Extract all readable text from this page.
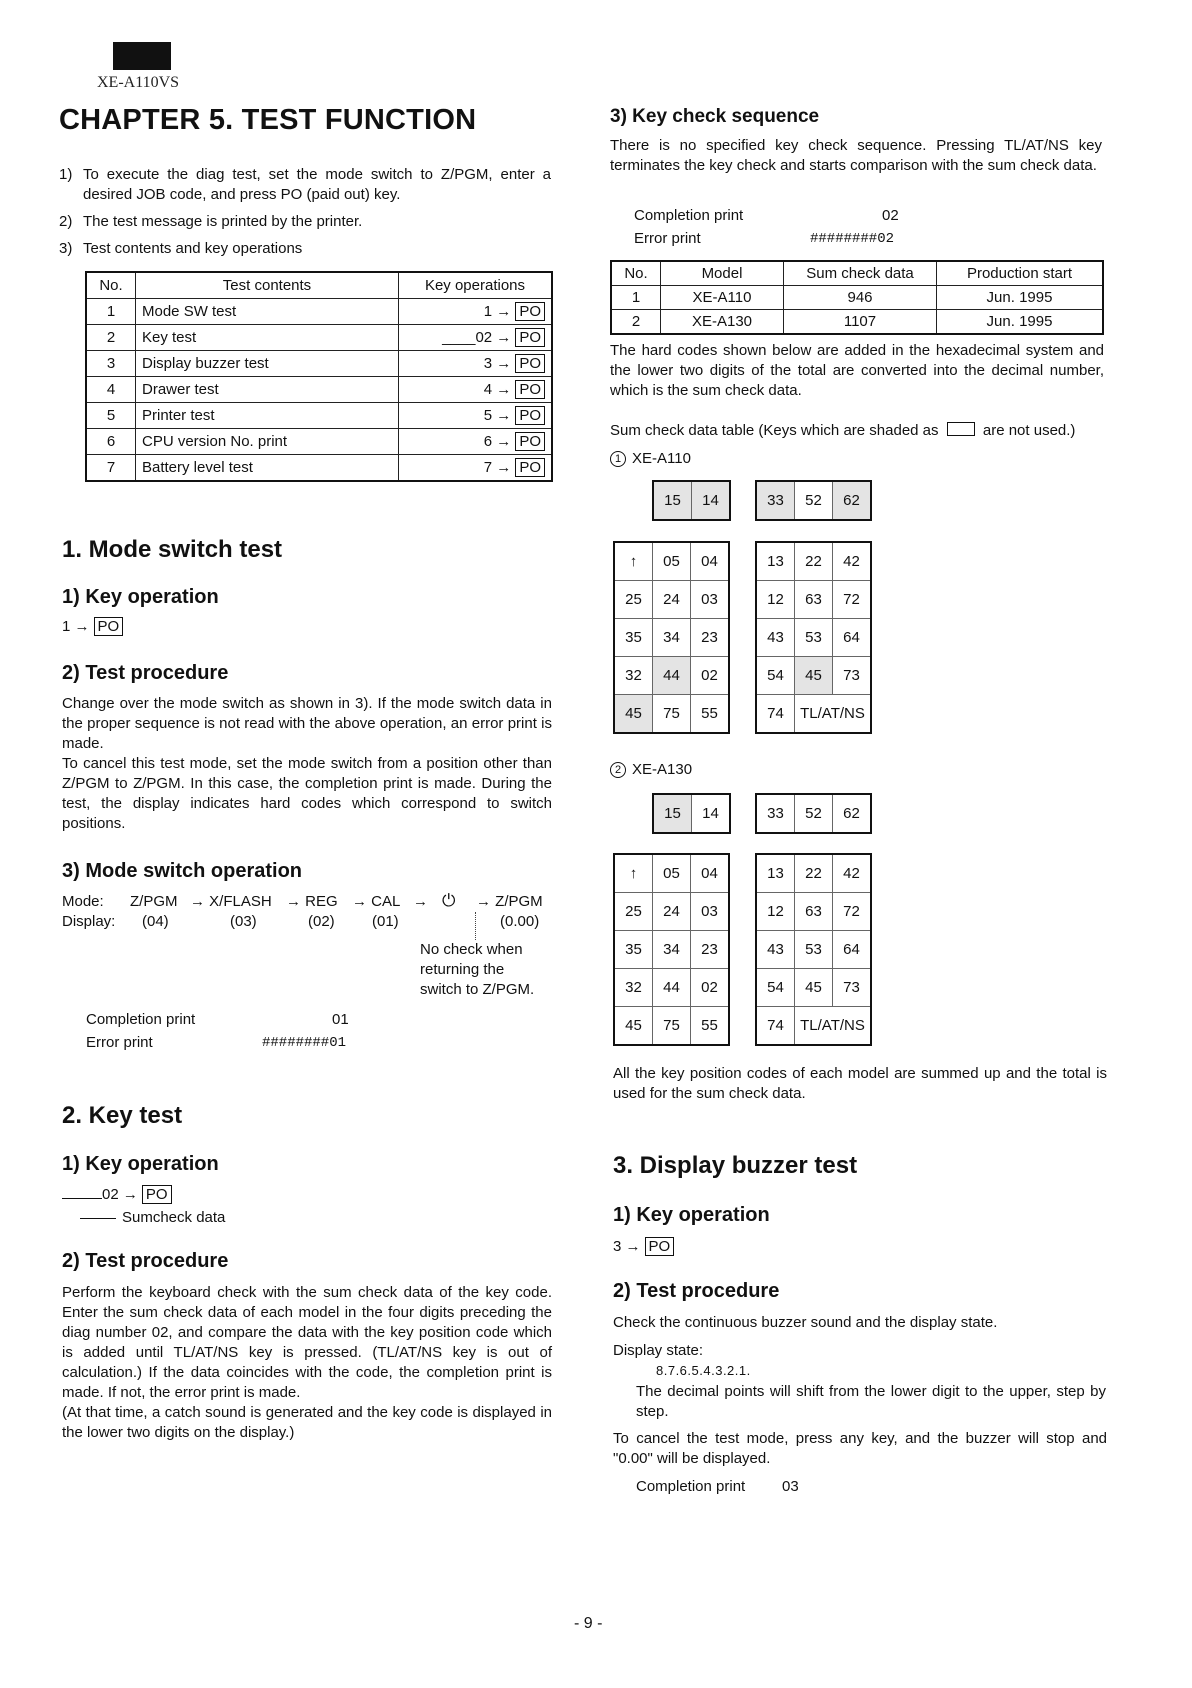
XE-A110VS
CHAPTER 5. TEST FUNCTION
1) To execute the diag test, set the mode switch to Z/PGM, enter a desired JOB code, and press PO (paid out) key.
2) The test message is printed by the printer.
3) Test contents and key operations
No.	Test contents	Key operations
1	Mode SW test	1 → PO
2	Key test	____02 → PO
3	Display buzzer test	3 → PO
4	Drawer test	4 → PO
5	Printer test	5 → PO
6	CPU version No. print	6 → PO
7	Battery level test	7 → PO
1. Mode switch test
1) Key operation
1 → PO
2) Test procedure

Change over the mode switch as shown in 3). If the mode switch data in the proper sequence is not read with the above operation, an error print is made.

To cancel this test mode, set the mode switch from a position other than Z/PGM to Z/PGM. In this case, the completion print is made. During the test, the display indicates hard codes which correspond to switch positions.

3) Mode switch operation
Mode: Z/PGM → X/FLASH → REG → CAL → ⏻ → Z/PGM
Display: (04)	(03)	(02) (01)	(0.00)

No check when returning the switch to Z/PGM.

Completion print	01
Error print	########01
2. Key test
1) Key operation
02 → PO
Sumcheck data
2) Test procedure

Perform the keyboard check with the sum check data of the key code. Enter the sum check data of each model in the four digits preceding the diag number 02, and compare the data with the key position code which is added until TL/AT/NS key is pressed. (TL/AT/NS key is out of calculation.) If the data coincides with the code, the completion print is made. If not, the error print is made.

(At that time, a catch sound is generated and the key code is displayed in the lower two digits on the display.)

3) Key check sequence

There is no specified key check sequence. Pressing TL/AT/NS key terminates the key check and starts comparison with the sum check data.

Completion print	02
Error print	########02
No.	Model	Sum check data	Production start
1	XE-A110	946	Jun. 1995
2	XE-A130	1107	Jun. 1995

The hard codes shown below are added in the hexadecimal system and the lower two digits of the total are converted into the decimal number, which is the sum check data.

Sum check data table (Keys which are shaded as	are not used.)
1 XE-A110
15	14	33	52	62
↑	05	04
25	24	03
35	34	23
32	44	02
45	75	55
13	22	42
12	63	72
43	53	64
54	45	73
74	TL/AT/NS	
2 XE-A130
15	14	33	52	62
↑	05	04
25	24	03
35	34	23
32	44	02
45	75	55
13	22	42
12	63	72
43	53	64
54	45	73
74	TL/AT/NS	

All the key position codes of each model are summed up and the total is used for the sum check data.

3. Display buzzer test
1) Key operation
3 → PO
2) Test procedure

Check the continuous buzzer sound and the display state.

Display state:
8.7.6.5.4.3.2.1.

The decimal points will shift from the lower digit to the upper, step by step.

To cancel the test mode, press any key, and the buzzer will stop and "0.00" will be displayed.

Completion print 03
- 9 -
